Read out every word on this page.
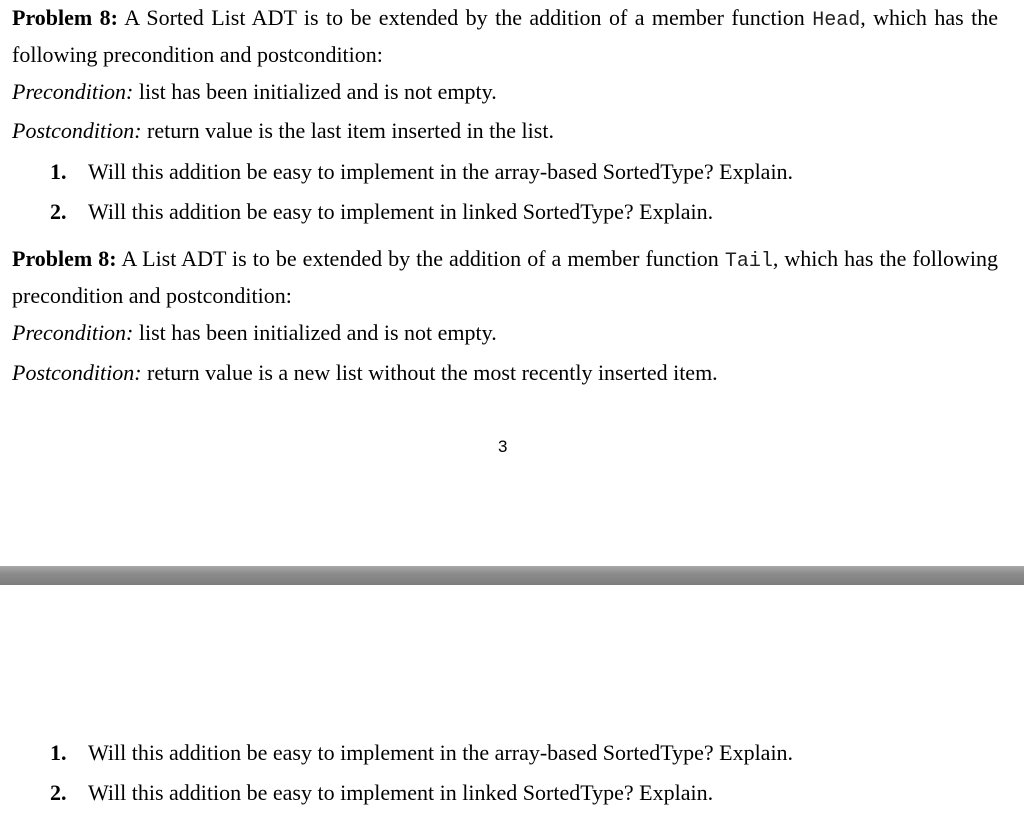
Problem 8: A Sorted List ADT is to be extended by the addition of a member function Head, which has the following precondition and postcondition:
Precondition: list has been initialized and is not empty.
Postcondition: return value is the last item inserted in the list.
1. Will this addition be easy to implement in the array-based SortedType? Explain.
2. Will this addition be easy to implement in linked SortedType? Explain.
Problem 8: A List ADT is to be extended by the addition of a member function Tail, which has the following precondition and postcondition:
Precondition: list has been initialized and is not empty.
Postcondition: return value is a new list without the most recently inserted item.
3
1. Will this addition be easy to implement in the array-based SortedType? Explain.
2. Will this addition be easy to implement in linked SortedType? Explain.
